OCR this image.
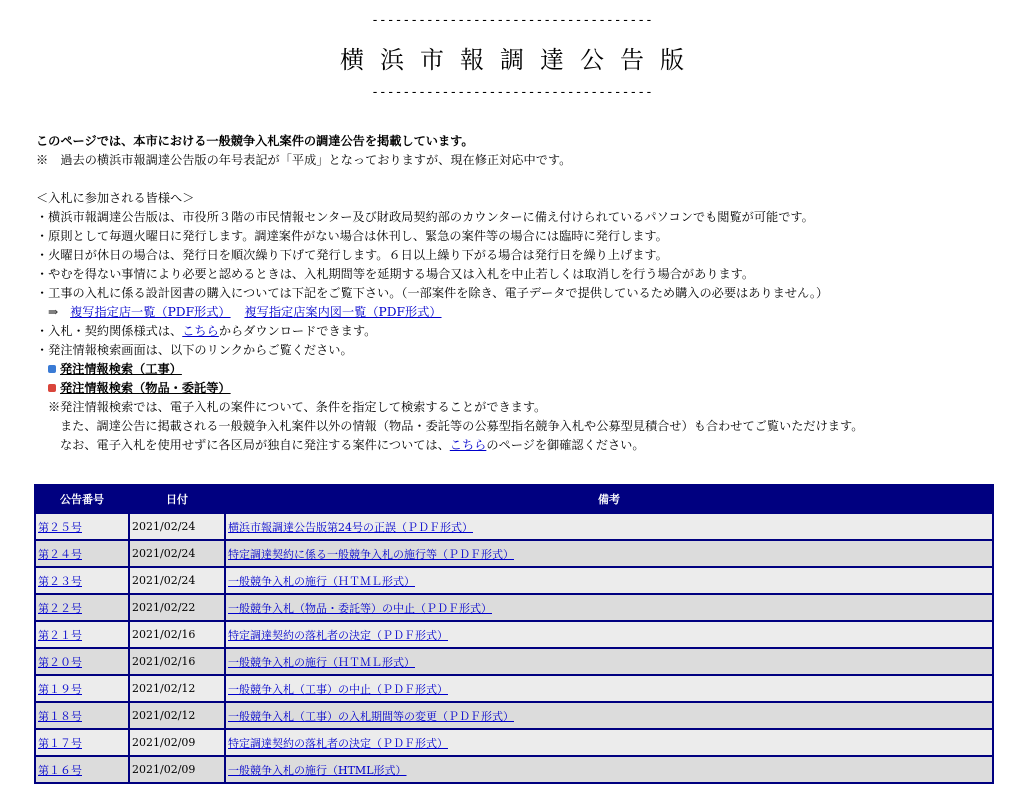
------------------------------------
横浜市報調達公告版
------------------------------------
このページでは、本市における一般競争入札案件の調達公告を掲載しています。
※　過去の横浜市報調達公告版の年号表記が「平成」となっておりますが、現在修正対応中です。
＜入札に参加される皆様へ＞
・横浜市報調達公告版は、市役所３階の市民情報センター及び財政局契約部のカウンターに備え付けられているパソコンでも閲覧が可能です。
・原則として毎週火曜日に発行します。調達案件がない場合は休刊し、緊急の案件等の場合には臨時に発行します。
・火曜日が休日の場合は、発行日を順次繰り下げて発行します。６日以上繰り下がる場合は発行日を繰り上げます。
・やむを得ない事情により必要と認めるときは、入札期間等を延期する場合又は入札を中止若しくは取消しを行う場合があります。
・工事の入札に係る設計図書の購入については下記をご覧下さい。（一部案件を除き、電子データで提供しているため購入の必要はありません。）
⇒ 複写指定店一覧（PDF形式） 複写指定店案内図一覧（PDF形式）
・入札・契約関係様式は、こちらからダウンロードできます。
・発注情報検索画面は、以下のリンクからご覧ください。
発注情報検索（工事）
発注情報検索（物品・委託等）
※発注情報検索では、電子入札の案件について、条件を指定して検索することができます。
また、調達公告に掲載される一般競争入札案件以外の情報（物品・委託等の公募型指名競争入札や公募型見積合せ）も合わせてご覧いただけます。
なお、電子入札を使用せずに各区局が独自に発注する案件については、こちらのページを御確認ください。
公告番号	日付	備考
第２５号	2021/02/24	横浜市報調達公告版第24号の正誤（ＰＤＦ形式）
第２４号	2021/02/24	特定調達契約に係る一般競争入札の施行等（ＰＤＦ形式）
第２３号	2021/02/24	一般競争入札の施行（ＨＴＭＬ形式）
第２２号	2021/02/22	一般競争入札（物品・委託等）の中止（ＰＤＦ形式）
第２１号	2021/02/16	特定調達契約の落札者の決定（ＰＤＦ形式）
第２０号	2021/02/16	一般競争入札の施行（ＨＴＭＬ形式）
第１９号	2021/02/12	一般競争入札（工事）の中止（ＰＤＦ形式）
第１８号	2021/02/12	一般競争入札（工事）の入札期間等の変更（ＰＤＦ形式）
第１７号	2021/02/09	特定調達契約の落札者の決定（ＰＤＦ形式）
第１６号	2021/02/09	一般競争入札の施行（HTML形式）
